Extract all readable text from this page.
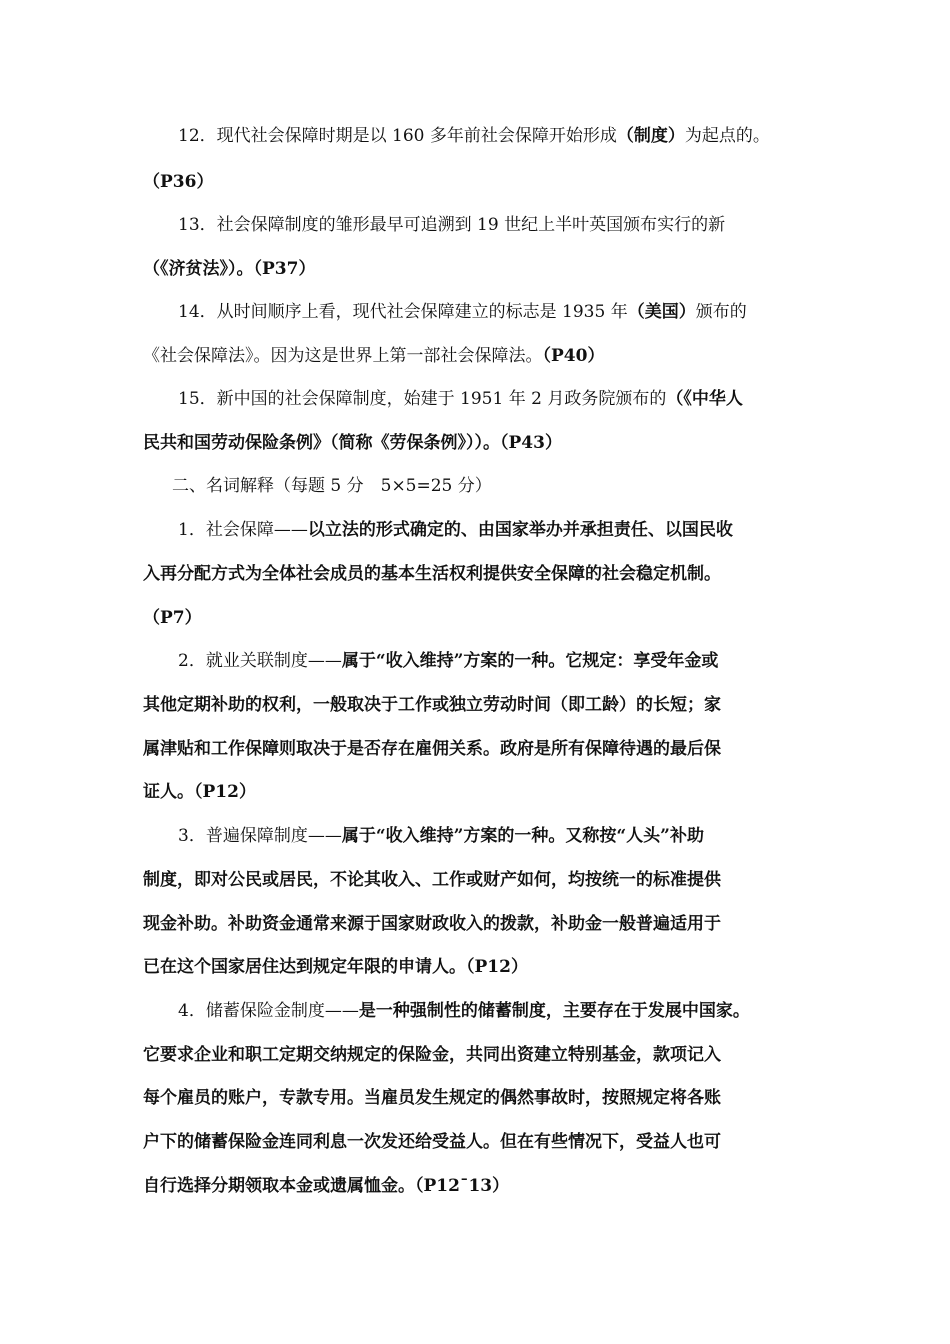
12．现代社会保障时期是以 160 多年前社会保障开始形成（制度）为起点的。
（P36）
13．社会保障制度的雏形最早可追溯到 19 世纪上半叶英国颁布实行的新
（《济贫法》）。（P37）
14．从时间顺序上看，现代社会保障建立的标志是 1935 年（美国）颁布的
《社会保障法》。因为这是世界上第一部社会保障法。（P40）
15．新中国的社会保障制度，始建于 1951 年 2 月政务院颁布的（《中华人
民共和国劳动保险条例》（简称《劳保条例》））。（P43）
二、名词解释（每题 5 分　5×5=25 分）
1．社会保障——以立法的形式确定的、由国家举办并承担责任、以国民收
入再分配方式为全体社会成员的基本生活权利提供安全保障的社会稳定机制。
（P7）
2．就业关联制度——属于“收入维持”方案的一种。它规定：享受年金或
其他定期补助的权利，一般取决于工作或独立劳动时间（即工龄）的长短；家
属津贴和工作保障则取决于是否存在雇佣关系。政府是所有保障待遇的最后保
证人。（P12）
3．普遍保障制度——属于“收入维持”方案的一种。又称按“人头”补助
制度，即对公民或居民，不论其收入、工作或财产如何，均按统一的标准提供
现金补助。补助资金通常来源于国家财政收入的拨款，补助金一般普遍适用于
已在这个国家居住达到规定年限的申请人。（P12）
4．储蓄保险金制度——是一种强制性的储蓄制度，主要存在于发展中国家。
它要求企业和职工定期交纳规定的保险金，共同出资建立特别基金，款项记入
每个雇员的账户，专款专用。当雇员发生规定的偶然事故时，按照规定将各账
户下的储蓄保险金连同利息一次发还给受益人。但在有些情况下，受益人也可
自行选择分期领取本金或遗属恤金。（P12¯13）
